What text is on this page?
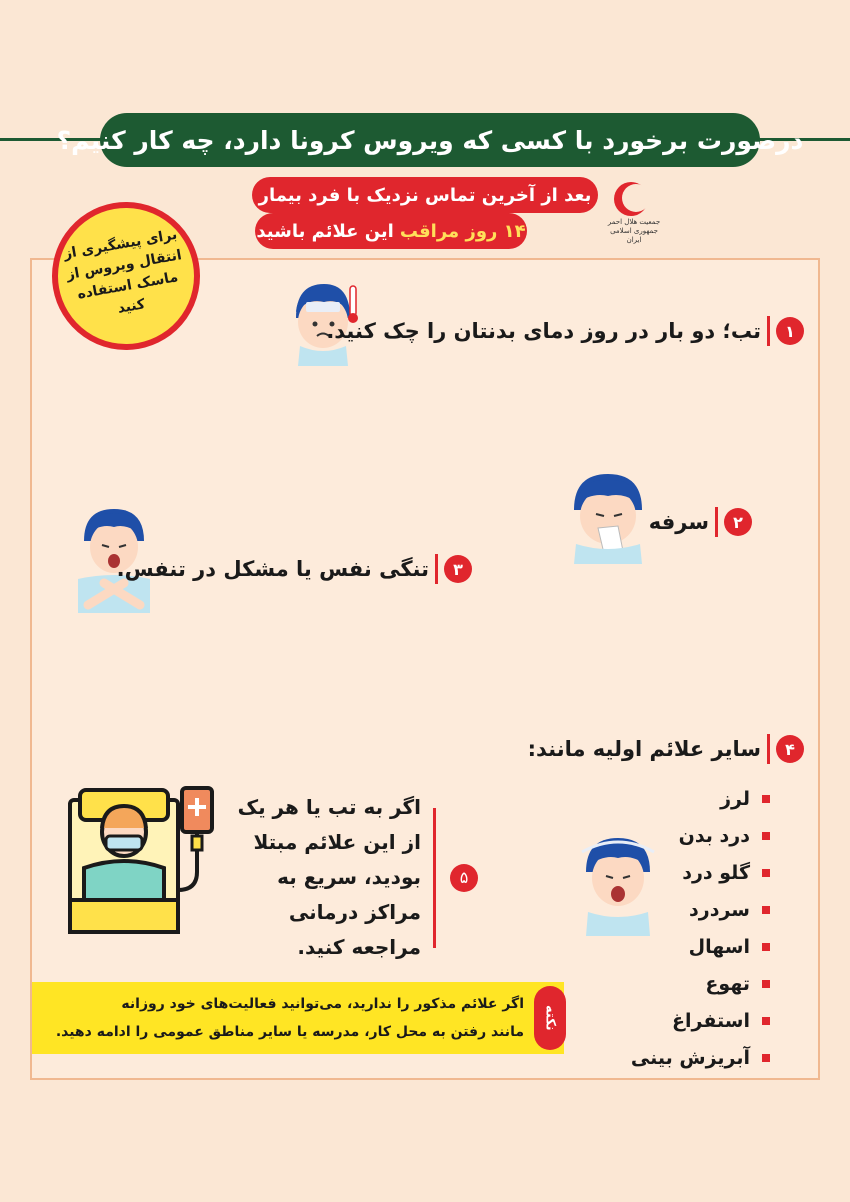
درصورت برخورد با کسی که ویروس کرونا دارد، چه کار کنیم؟
جمعیت هلال احمر
جمهوری اسلامی ایران
بعد از آخرین تماس نزدیک با فرد بیمار
۱۴ روز مراقب
این علائم باشید
برای پیشگیری از انتقال ویروس از ماسک استفاده کنید
۱
تب؛ دو بار در روز دمای بدنتان را چک کنید.
۲
سرفه
۳
تنگی نفس یا مشکل در تنفس.
۴
سایر علائم اولیه مانند:
لرز
درد بدن
گلو درد
سردرد
اسهال
تهوع
استفراغ
آبریزش بینی
۵
اگر به تب یا هر یک از این علائم مبتلا بودید، سریع به مراکز درمانی مراجعه کنید.
نکته
اگر علائم مذکور را ندارید، می‌توانید فعالیت‌های خود روزانه
مانند رفتن به محل کار، مدرسه یا سایر مناطق عمومی را ادامه دهید.
